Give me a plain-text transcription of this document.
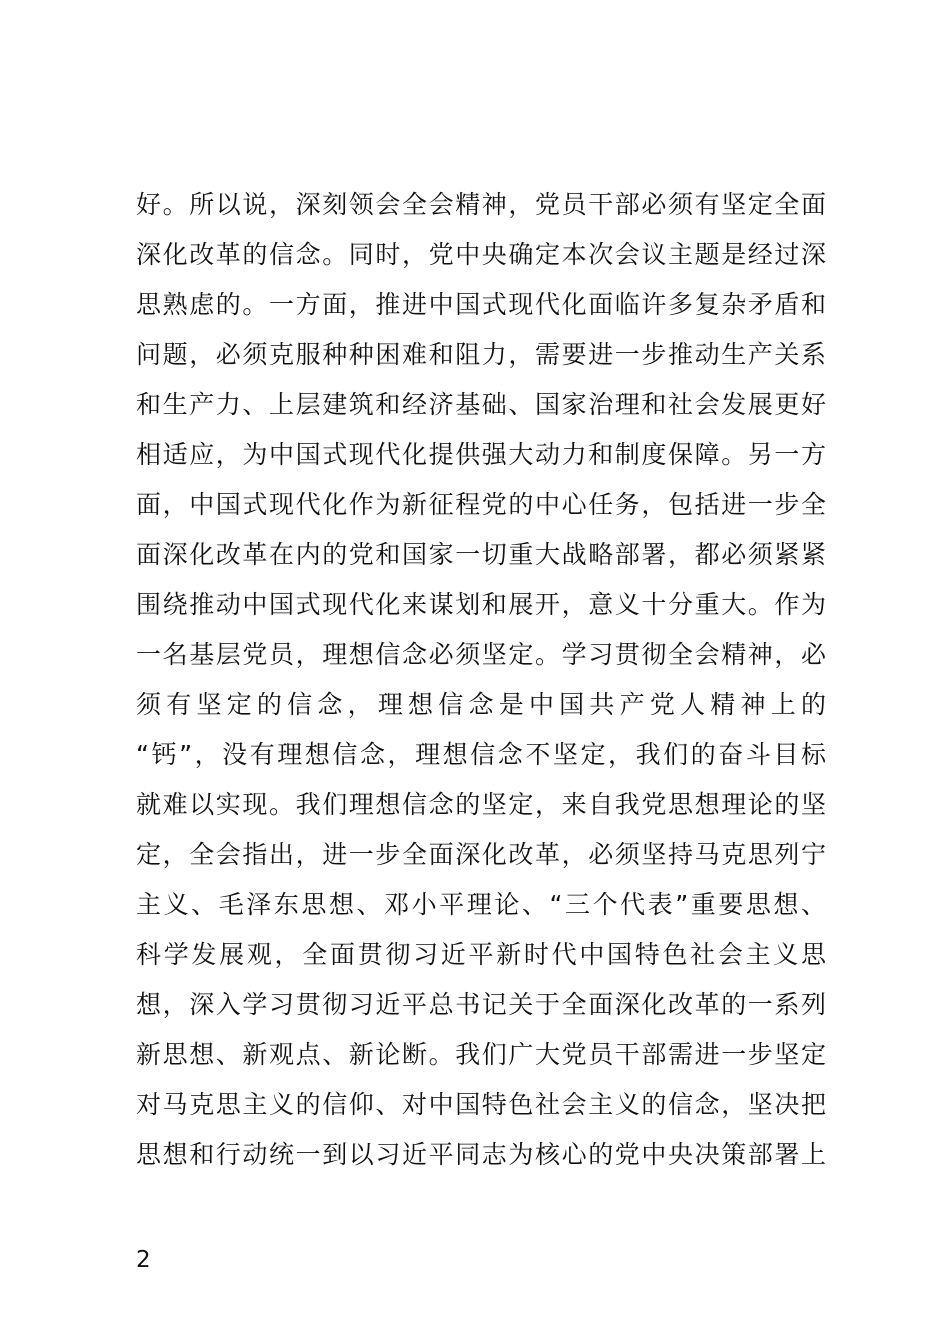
好。所以说，深刻领会全会精神，党员干部必须有坚定全面
深化改革的信念。同时，党中央确定本次会议主题是经过深
思熟虑的。一方面，推进中国式现代化面临许多复杂矛盾和
问题，必须克服种种困难和阻力，需要进一步推动生产关系
和生产力、上层建筑和经济基础、国家治理和社会发展更好
相适应，为中国式现代化提供强大动力和制度保障。另一方
面，中国式现代化作为新征程党的中心任务，包括进一步全
面深化改革在内的党和国家一切重大战略部署，都必须紧紧
围绕推动中国式现代化来谋划和展开，意义十分重大。作为
一名基层党员，理想信念必须坚定。学习贯彻全会精神，必
须有坚定的信念，理想信念是中国共产党人精神上的
“钙”，没有理想信念，理想信念不坚定，我们的奋斗目标
就难以实现。我们理想信念的坚定，来自我党思想理论的坚
定，全会指出，进一步全面深化改革，必须坚持马克思列宁
主义、毛泽东思想、邓小平理论、“三个代表”重要思想、
科学发展观，全面贯彻习近平新时代中国特色社会主义思
想，深入学习贯彻习近平总书记关于全面深化改革的一系列
新思想、新观点、新论断。我们广大党员干部需进一步坚定
对马克思主义的信仰、对中国特色社会主义的信念，坚决把
思想和行动统一到以习近平同志为核心的党中央决策部署上
2
